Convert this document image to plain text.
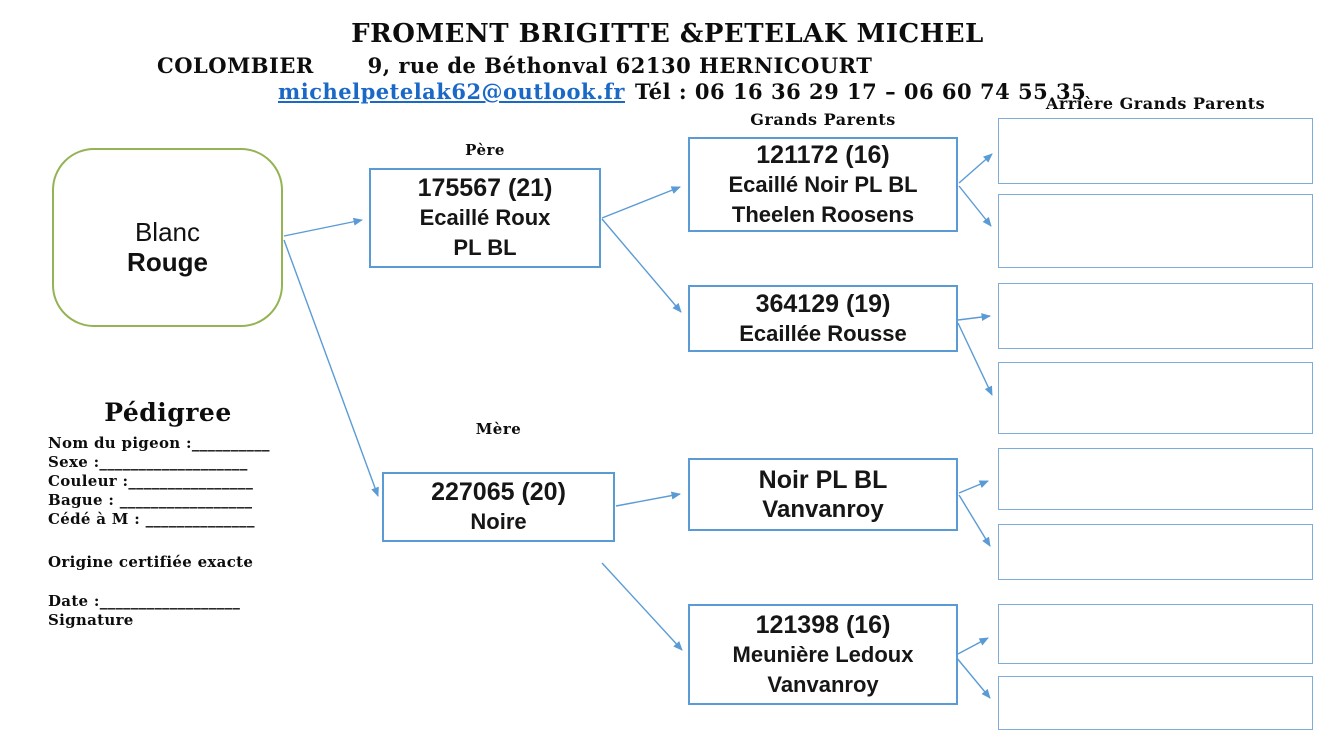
FROMENT BRIGITTE &PETELAK MICHEL
COLOMBIER	9, rue de Béthonval 62130 HERNICOURT
michelpetelak62@outlook.fr Tél : 06 16 36 29 17 – 06 60 74 55 35
Grands Parents
Arrière Grands Parents
Père
Mère
Blanc
Rouge
175567 (21)
Ecaillé Roux
PL BL
227065 (20)
Noire
121172 (16)
Ecaillé Noir PL BL
Theelen Roosens
364129 (19)
Ecaillée Rousse
Noir PL BL
Vanvanroy
121398 (16)
Meunière Ledoux
Vanvanroy
Pédigree
Nom du pigeon :__________
Sexe :___________________
Couleur :________________
Bague : _________________
Cédé à M : ______________
Origine certifiée exacte
Date :__________________
Signature
